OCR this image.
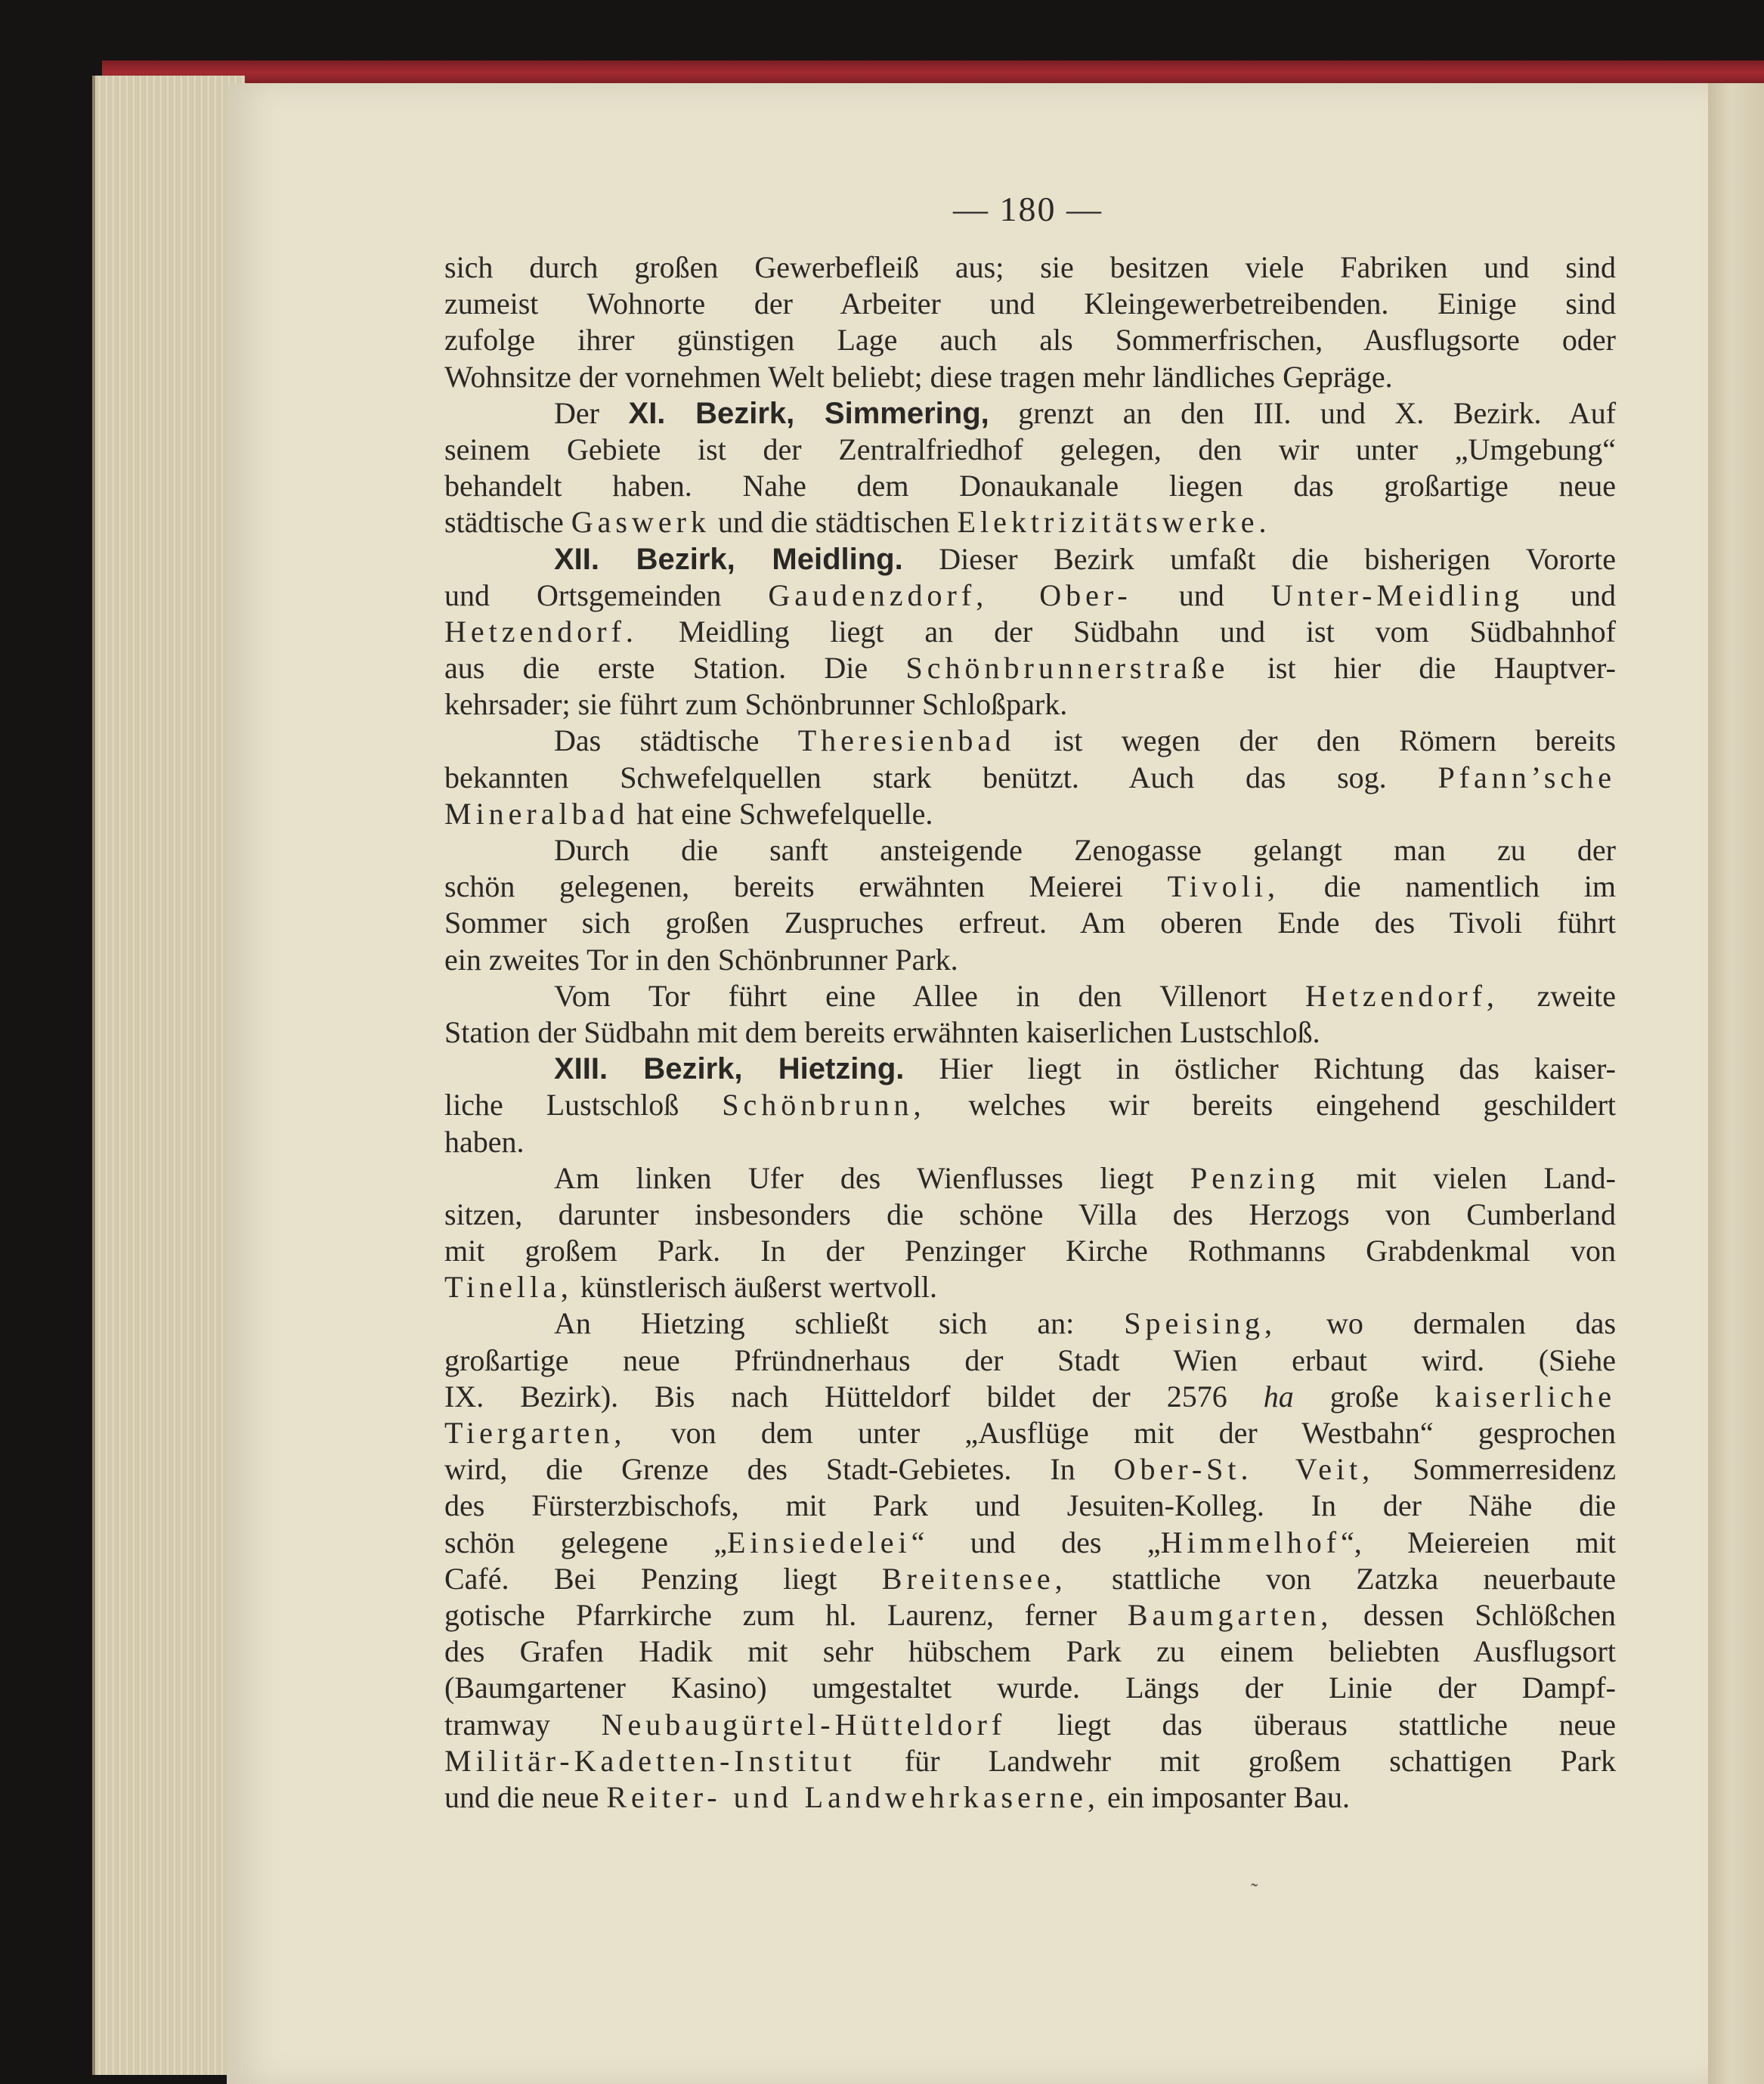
— 180 —
sich durch großen Gewerbefleiß aus; sie besitzen viele Fabriken und sind
zumeist Wohnorte der Arbeiter und Kleingewerbetreibenden. Einige sind
zufolge ihrer günstigen Lage auch als Sommerfrischen, Ausflugsorte oder
Wohnsitze der vornehmen Welt beliebt; diese tragen mehr ländliches Gepräge.
Der XI. Bezirk, Simmering, grenzt an den III. und X. Bezirk. Auf
seinem Gebiete ist der Zentralfriedhof gelegen, den wir unter „Umgebung“
behandelt haben. Nahe dem Donaukanale liegen das großartige neue
städtische Gaswerk und die städtischen Elektrizitätswerke.
XII. Bezirk, Meidling. Dieser Bezirk umfaßt die bisherigen Vororte
und Ortsgemeinden Gaudenzdorf, Ober- und Unter-Meidling und
Hetzendorf. Meidling liegt an der Südbahn und ist vom Südbahnhof
aus die erste Station. Die Schönbrunnerstraße ist hier die Hauptver-
kehrsader; sie führt zum Schönbrunner Schloßpark.
Das städtische Theresienbad ist wegen der den Römern bereits
bekannten Schwefelquellen stark benützt. Auch das sog. Pfann’sche
Mineralbad hat eine Schwefelquelle.
Durch die sanft ansteigende Zenogasse gelangt man zu der
schön gelegenen, bereits erwähnten Meierei Tivoli, die namentlich im
Sommer sich großen Zuspruches erfreut. Am oberen Ende des Tivoli führt
ein zweites Tor in den Schönbrunner Park.
Vom Tor führt eine Allee in den Villenort Hetzendorf, zweite
Station der Südbahn mit dem bereits erwähnten kaiserlichen Lustschloß.
XIII. Bezirk, Hietzing. Hier liegt in östlicher Richtung das kaiser-
liche Lustschloß Schönbrunn, welches wir bereits eingehend geschildert
haben.
Am linken Ufer des Wienflusses liegt Penzing mit vielen Land-
sitzen, darunter insbesonders die schöne Villa des Herzogs von Cumberland
mit großem Park. In der Penzinger Kirche Rothmanns Grabdenkmal von
Tinella, künstlerisch äußerst wertvoll.
An Hietzing schließt sich an: Speising, wo dermalen das
großartige neue Pfründnerhaus der Stadt Wien erbaut wird. (Siehe
IX. Bezirk). Bis nach Hütteldorf bildet der 2576 ha große kaiserliche
Tiergarten, von dem unter „Ausflüge mit der Westbahn“ gesprochen
wird, die Grenze des Stadt-Gebietes. In Ober-St. Veit, Sommerresidenz
des Fürsterzbischofs, mit Park und Jesuiten-Kolleg. In der Nähe die
schön gelegene „Einsiedelei“ und des „Himmelhof“, Meiereien mit
Café. Bei Penzing liegt Breitensee, stattliche von Zatzka neuerbaute
gotische Pfarrkirche zum hl. Laurenz, ferner Baumgarten, dessen Schlößchen
des Grafen Hadik mit sehr hübschem Park zu einem beliebten Ausflugsort
(Baumgartener Kasino) umgestaltet wurde. Längs der Linie der Dampf-
tramway Neubaugürtel-Hütteldorf liegt das überaus stattliche neue
Militär-Kadetten-Institut für Landwehr mit großem schattigen Park
und die neue Reiter- und Landwehrkaserne, ein imposanter Bau.
˜
